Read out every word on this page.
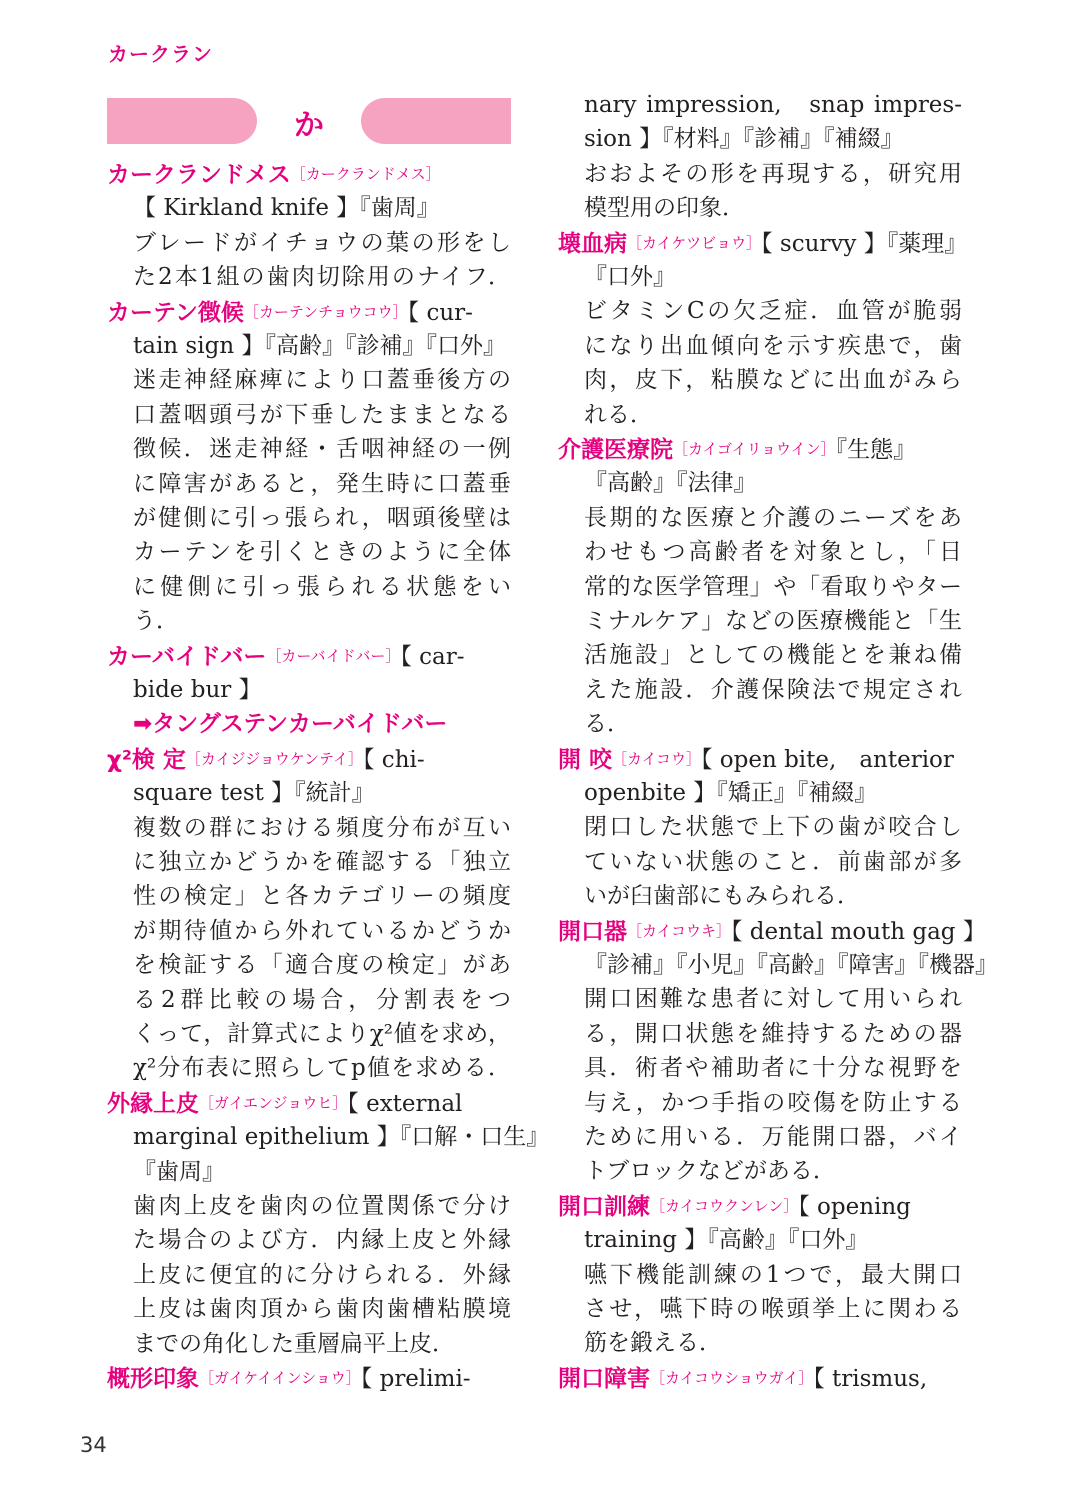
カークラン
か
カークランドメス［カークランドメス］
【 Kirkland knife 】『歯周』
ブレードがイチョウの葉の形をし
た2本1組の歯肉切除用のナイフ．
カーテン徴候［カーテンチョウコウ］【 cur-
tain sign 】『高齢』『診補』『口外』
迷走神経麻痺により口蓋垂後方の
口蓋咽頭弓が下垂したままとなる
徴候．迷走神経・舌咽神経の一例
に障害があると，発生時に口蓋垂
が健側に引っ張られ，咽頭後壁は
カーテンを引くときのように全体
に健側に引っ張られる状態をい
う．
カーバイドバー［カーバイドバー］【 car-
bide bur 】
➡タングステンカーバイドバー
χ²検 定［カイジジョウケンテイ］【 chi-
square test 】『統計』
複数の群における頻度分布が互い
に独立かどうかを確認する「独立
性の検定」と各カテゴリーの頻度
が期待値から外れているかどうか
を検証する「適合度の検定」があ
る2群比較の場合，分割表をつ
くって，計算式によりχ²値を求め，
χ²分布表に照らしてp値を求める．
外縁上皮［ガイエンジョウヒ］【 external
marginal epithelium 】『口解・口生』
『歯周』
歯肉上皮を歯肉の位置関係で分け
た場合のよび方．内縁上皮と外縁
上皮に便宜的に分けられる．外縁
上皮は歯肉頂から歯肉歯槽粘膜境
までの角化した重層扁平上皮．
概形印象［ガイケイインショウ］【 prelimi-
nary impression,　snap impres-
sion 】『材料』『診補』『補綴』
おおよその形を再現する，研究用
模型用の印象．
壊血病［カイケツビョウ］【 scurvy 】『薬理』
『口外』
ビタミンCの欠乏症．血管が脆弱
になり出血傾向を示す疾患で，歯
肉，皮下，粘膜などに出血がみら
れる．
介護医療院［カイゴイリョウイン］『生態』
『高齢』『法律』
長期的な医療と介護のニーズをあ
わせもつ高齢者を対象とし，「日
常的な医学管理」や「看取りやター
ミナルケア」などの医療機能と「生
活施設」としての機能とを兼ね備
えた施設．介護保険法で規定され
る．
開 咬［カイコウ］【 open bite,　anterior
openbite 】『矯正』『補綴』
閉口した状態で上下の歯が咬合し
ていない状態のこと．前歯部が多
いが臼歯部にもみられる．
開口器［カイコウキ］【 dental mouth gag 】
『診補』『小児』『高齢』『障害』『機器』
開口困難な患者に対して用いられ
る，開口状態を維持するための器
具．術者や補助者に十分な視野を
与え，かつ手指の咬傷を防止する
ために用いる．万能開口器，バイ
トブロックなどがある．
開口訓練［カイコウクンレン］【 opening
training 】『高齢』『口外』
嚥下機能訓練の1つで，最大開口
させ，嚥下時の喉頭挙上に関わる
筋を鍛える．
開口障害［カイコウショウガイ］【 trismus,
34
